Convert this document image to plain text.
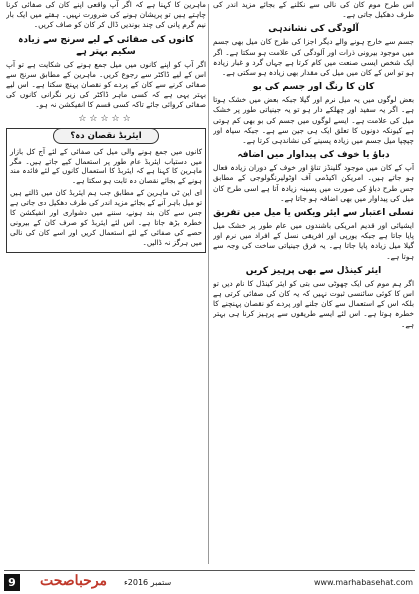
اس طرح موم کان کی نالی سے نکلنے کے بجائے مزید اندر کی طرف دھکیل جاتی ہے۔

آلودگی کی نشاندہی

جسم سے خارج ہونے والے دیگر اجزا کی طرح کان میل بھی جسم میں موجود بیرونی ذرات اور آلودگی کی علامت ہو سکتا ہے۔ اگر ایک شخص ایسی صنعت میں کام کرتا ہے جہاں گرد و غبار زیادہ ہو تو اس کے کان میں میل کی مقدار بھی زیادہ ہو سکتی ہے۔

کان کا رنگ اور جسم کی بو

بعض لوگوں میں یہ میل نرم اور گیلا جبکہ بعض میں خشک ہوتا ہے۔ اگر یہ سفید اور چھلکے دار ہو تو یہ جینیاتی طور پر خشک میل کی علامت ہے۔ ایسے لوگوں میں جسم کی بو بھی کم ہوتی ہے کیونکہ دونوں کا تعلق ایک ہی جین سے ہے۔ جبکہ سیاہ اور چپچپا میل جسم میں زیادہ پسینے کی نشاندہی کرتا ہے۔

دباؤ یا خوف کی پیداوار میں اضافہ

آپ کے کان میں موجود گلینڈز تناؤ اور خوف کے دوران زیادہ فعال ہو جاتے ہیں۔ امریکن اکیڈمی آف اوٹولیرنگولوجی کے مطابق جس طرح دباؤ کی صورت میں پسینہ زیادہ آتا ہے اسی طرح کان میل کی پیداوار میں بھی اضافہ ہو جاتا ہے۔

نسلی اعتبار سے ایئر ویکس یا میل میں تفریق

ایشیائی اور قدیم امریکی باشندوں میں عام طور پر خشک میل پایا جاتا ہے جبکہ یورپی اور افریقی نسل کے افراد میں نرم اور گیلا میل زیادہ پایا جاتا ہے۔ یہ فرق جینیاتی ساخت کی وجہ سے ہوتا ہے۔

ایئر کینڈل سے بھی پرہیز کریں

اگر ہم موم کی ایک چھوٹی سی بتی کو ایئر کینڈل کا نام دیں تو اس کا کوئی سائنسی ثبوت نہیں کہ یہ کان کی صفائی کرتی ہے بلکہ اس کے استعمال سے کان جلنے اور پردے کو نقصان پہنچنے کا خطرہ ہوتا ہے۔ اس لئے ایسے طریقوں سے پرہیز کرنا ہی بہتر ہے۔

ماہرین کا کہنا ہے کہ اگر آپ واقعی اپنے کان کی صفائی کرنا چاہتے ہیں تو پریشان ہونے کی ضرورت نہیں۔ ہفتے میں ایک بار نیم گرم پانی کی چند بوندیں ڈال کر کان کو صاف کریں۔

کانوں کی صفائی کے لیے سرنج سے زیادہ سکیم بہتر ہے

اگر آپ کو اپنے کانوں میں میل جمع ہونے کی شکایت ہے تو آپ اس کے لیے ڈاکٹر سے رجوع کریں۔ ماہرین کے مطابق سرنج سے صفائی کرنے سے کان کے پردے کو نقصان پہنچ سکتا ہے۔ اس لیے بہتر یہی ہے کہ کسی ماہر ڈاکٹر کی زیر نگرانی کانوں کی صفائی کروائی جائے تاکہ کسی قسم کا انفیکشن نہ ہو۔

☆☆☆☆☆
ایئربڈ نقصان دہ؟

کانوں میں جمع ہونے والی میل کی صفائی کے لئے آج کل بازار میں دستیاب ایئربڈ عام طور پر استعمال کیے جاتے ہیں۔ مگر ماہرین کا کہنا ہے کہ ایئربڈ کا استعمال کانوں کے لئے فائدہ مند ہونے کے بجائے نقصان دہ ثابت ہو سکتا ہے۔

ای این ٹی ماہرین کے مطابق جب ہم ایئربڈ کان میں ڈالتے ہیں تو میل باہر آنے کے بجائے مزید اندر کی طرف دھکیل دی جاتی ہے جس سے کان بند ہونے، سننے میں دشواری اور انفیکشن کا خطرہ بڑھ جاتا ہے۔ اس لئے ایئربڈ کو صرف کان کے بیرونی حصے کی صفائی کے لئے استعمال کریں اور اسے کان کی نالی میں ہرگز نہ ڈالیں۔

9 مرحباصحت ستمبر 2016ء	www.marhabasehat.com
